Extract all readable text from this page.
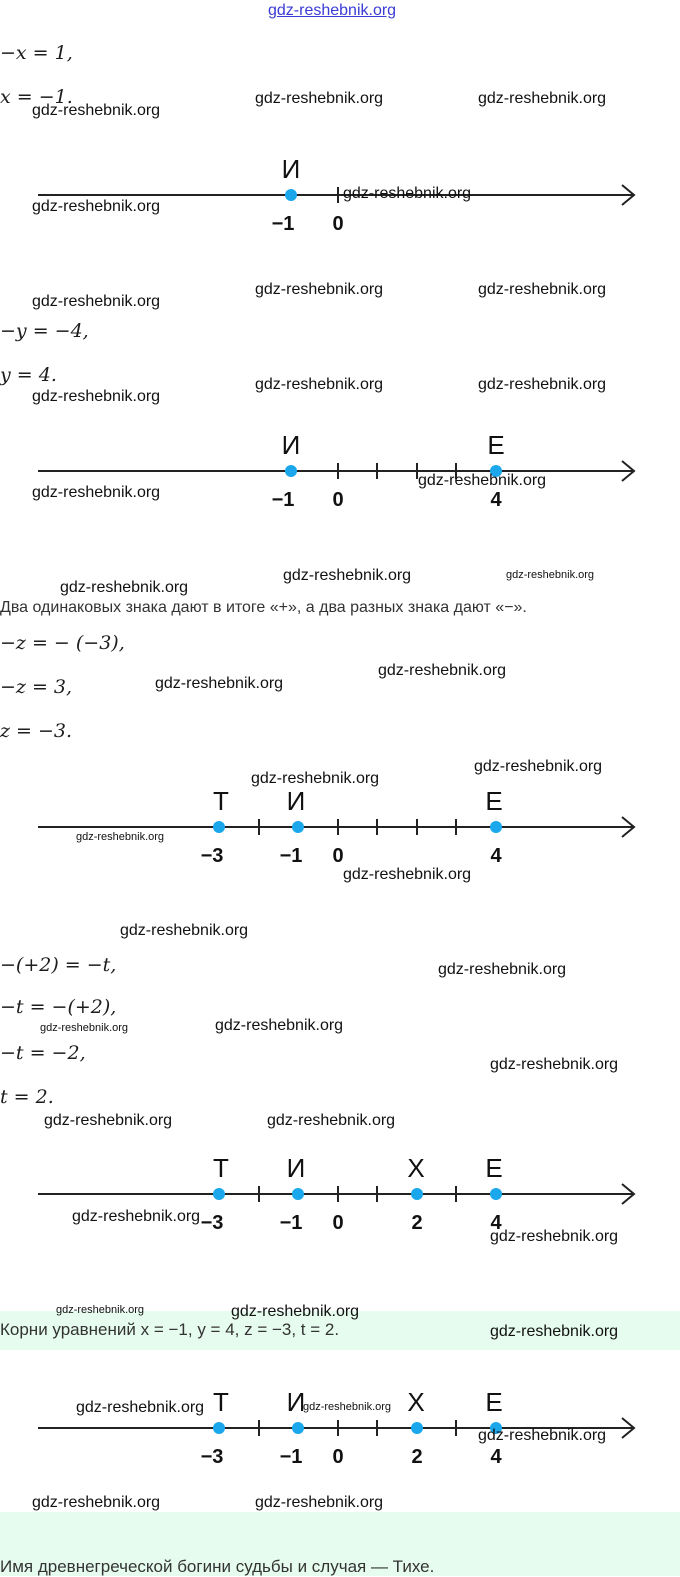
gdz-reshebnik.org
−x = 1,
x = −1.
gdz-reshebnik.org
gdz-reshebnik.org	gdz-reshebnik.org
И
−1 0
gdz-reshebnik.org
gdz-reshebnik.org
gdz-reshebnik.org
gdz-reshebnik.org	gdz-reshebnik.org
−y = −4,
y = 4.
gdz-reshebnik.org
gdz-reshebnik.org	gdz-reshebnik.org
И	Е
−1 0	4
gdz-reshebnik.org
gdz-reshebnik.org
gdz-reshebnik.org
gdz-reshebnik.org	gdz-reshebnik.org
Два одинаковых знака дают в итоге «+», а два разных знака дают «−».
−z = − (−3),
−z = 3,	gdz-reshebnik.org
gdz-reshebnik.org
z = −3.
gdz-reshebnik.org
gdz-reshebnik.org
Т И	Е
−3	−1 0	4
gdz-reshebnik.org
gdz-reshebnik.org
gdz-reshebnik.org
−(+2) = −t,	gdz-reshebnik.org
−t = −(+2),
gdz-reshebnik.org	gdz-reshebnik.org
−t = −2,
gdz-reshebnik.org
t = 2.
gdz-reshebnik.org	gdz-reshebnik.org
Т И	Х Е
−3	−1 0	2	4
gdz-reshebnik.org
gdz-reshebnik.org
Корни уравнений x = −1, y = 4, z = −3, t = 2.
gdz-reshebnik.org	gdz-reshebnik.org
gdz-reshebnik.org
Т И	Х Е
−3	−1 0	2	4
gdz-reshebnik.org	gdz-reshebnik.org
gdz-reshebnik.org
gdz-reshebnik.org	gdz-reshebnik.org
Имя древнегреческой богини судьбы и случая — Тихе.
